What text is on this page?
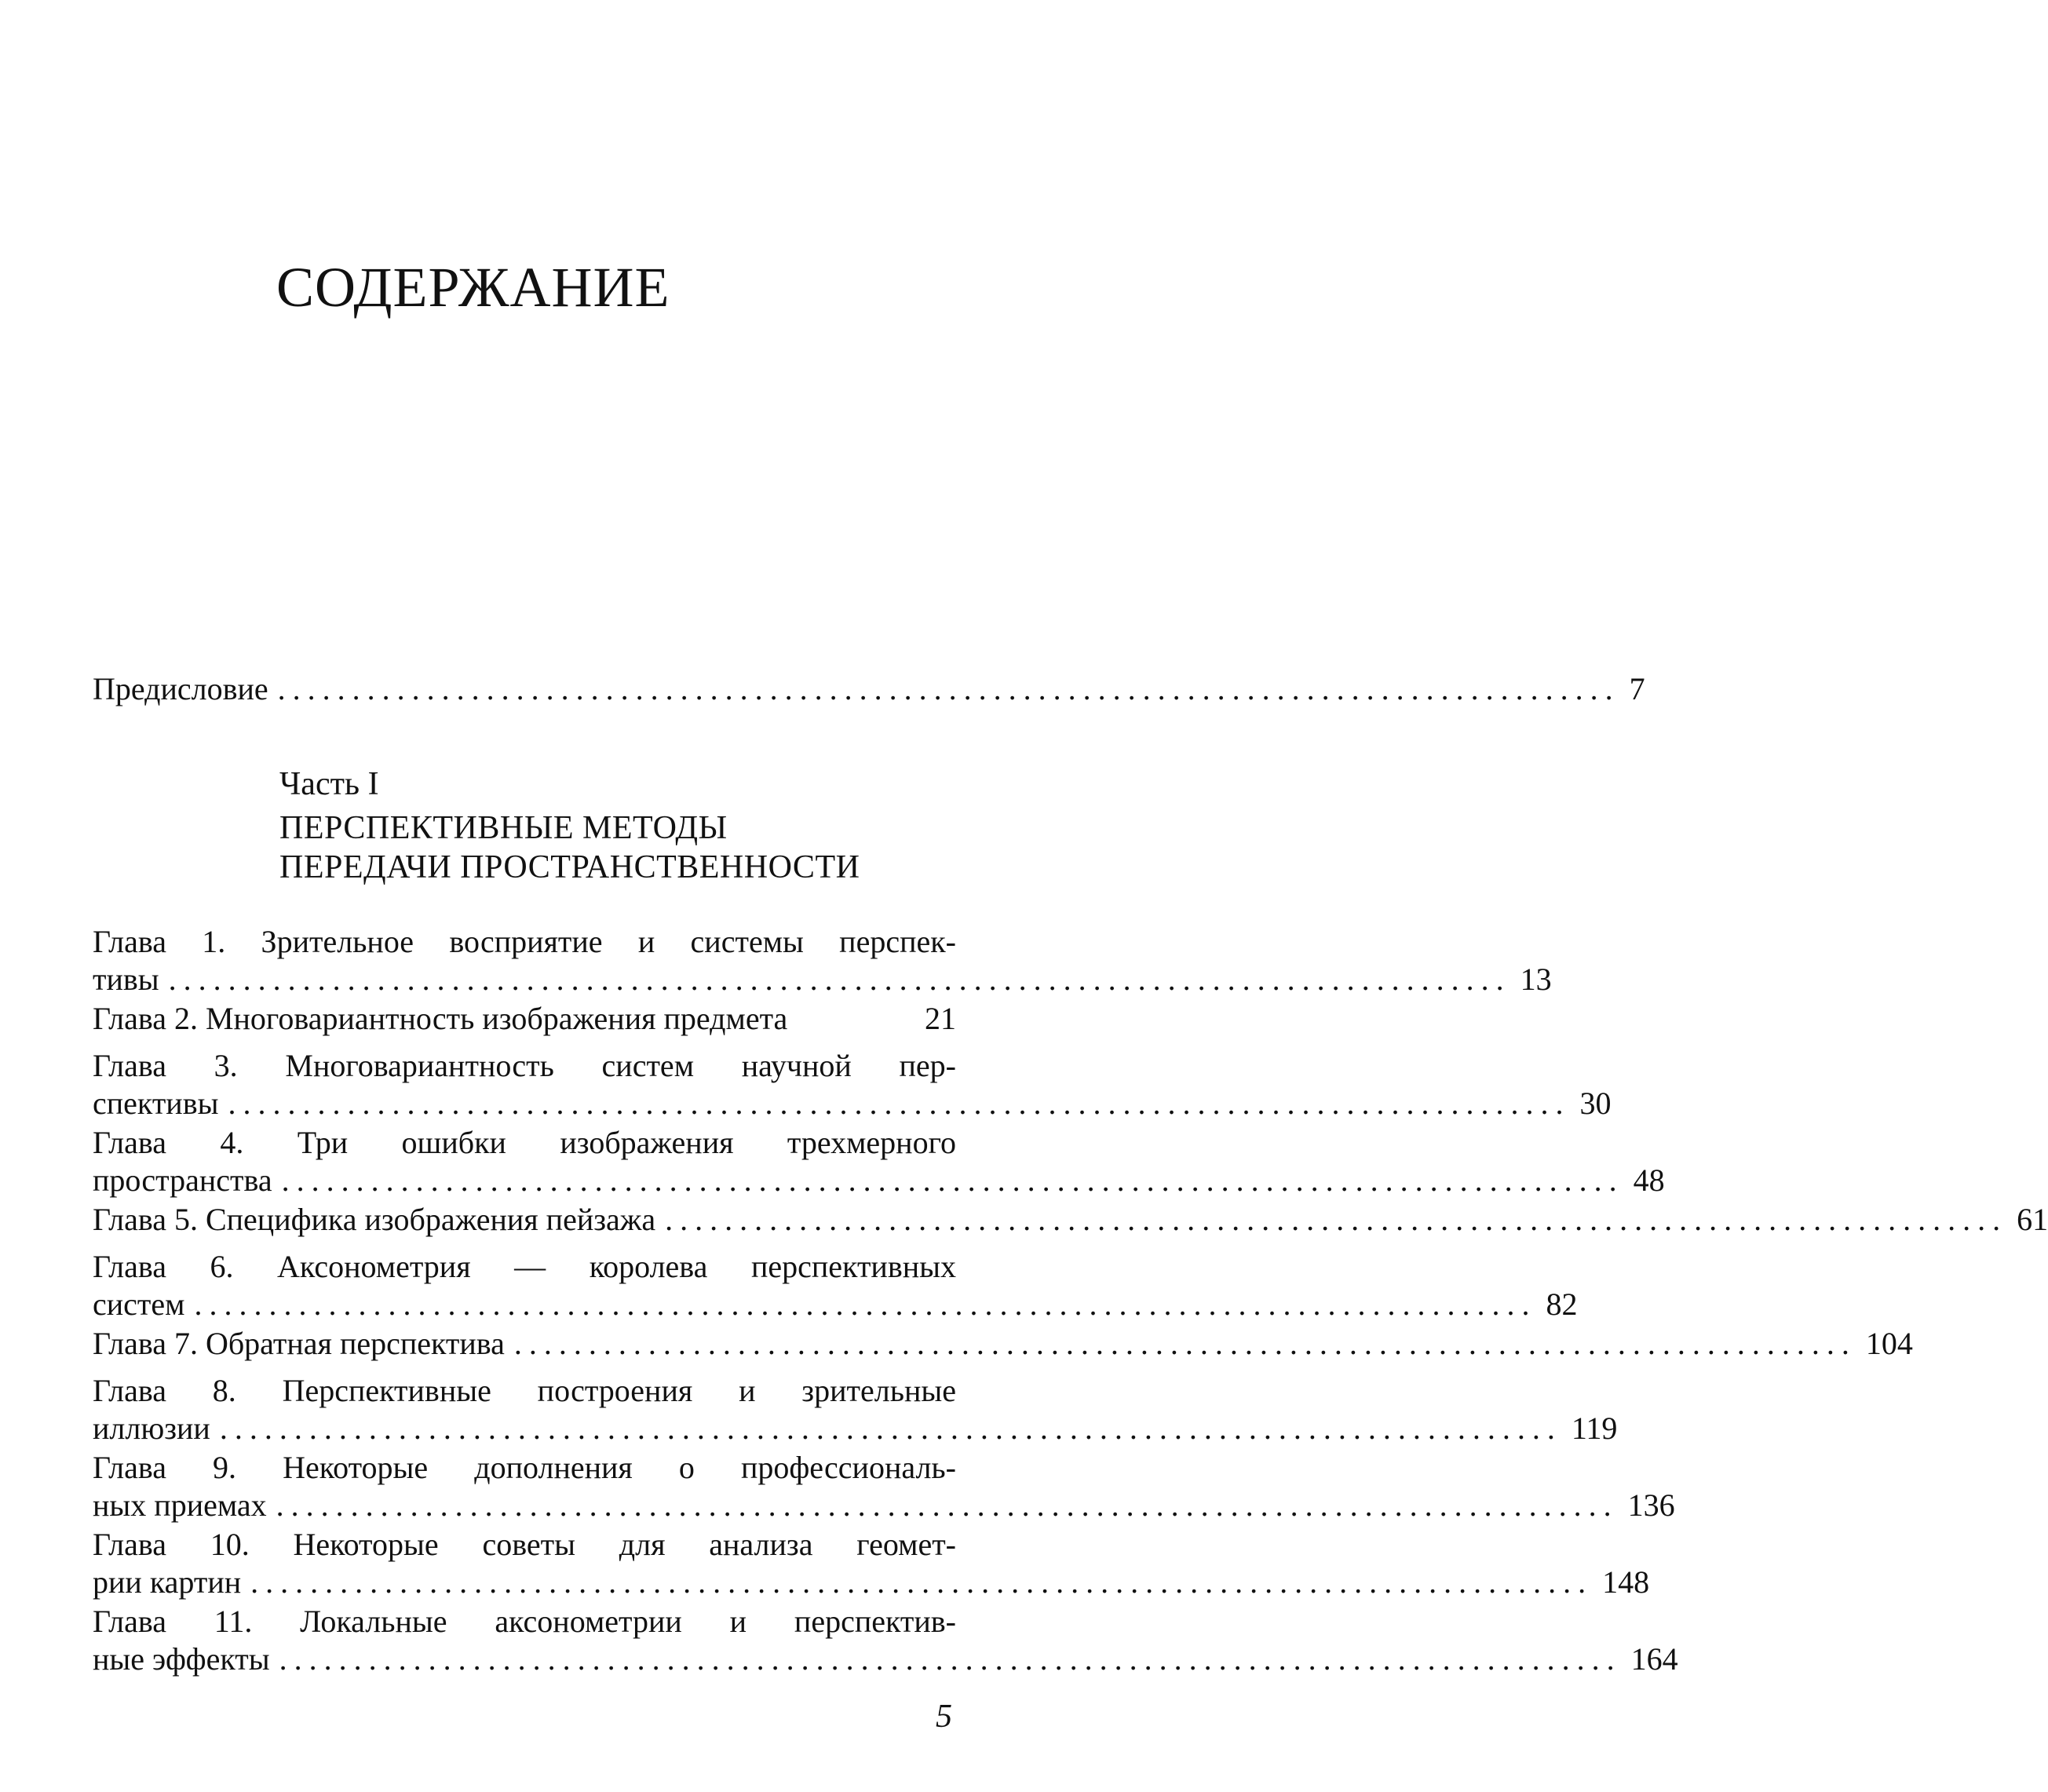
СОДЕРЖАНИЕ
Предисловие .......................................................................................... 7
Часть I
ПЕРСПЕКТИВНЫЕ МЕТОДЫ
ПЕРЕДАЧИ ПРОСТРАНСТВЕННОСТИ
Глава 1. Зрительное восприятие и системы перспек-
тивы .......................................................................................... 13
Глава 2. Многовариантность изображения предмета	21
Глава 3. Многовариантность систем научной пер-
спективы .......................................................................................... 30
Глава 4. Три ошибки изображения трехмерного
пространства .......................................................................................... 48
Глава 5. Специфика изображения пейзажа .......................................................................................... 61
Глава 6. Аксонометрия — королева перспективных
систем .......................................................................................... 82
Глава 7. Обратная перспектива .......................................................................................... 104
Глава 8. Перспективные построения и зрительные
иллюзии .......................................................................................... 119
Глава 9. Некоторые дополнения о профессиональ-
ных приемах .......................................................................................... 136
Глава 10. Некоторые советы для анализа геомет-
рии картин .......................................................................................... 148
Глава 11. Локальные аксонометрии и перспектив-
ные эффекты .......................................................................................... 164
5
